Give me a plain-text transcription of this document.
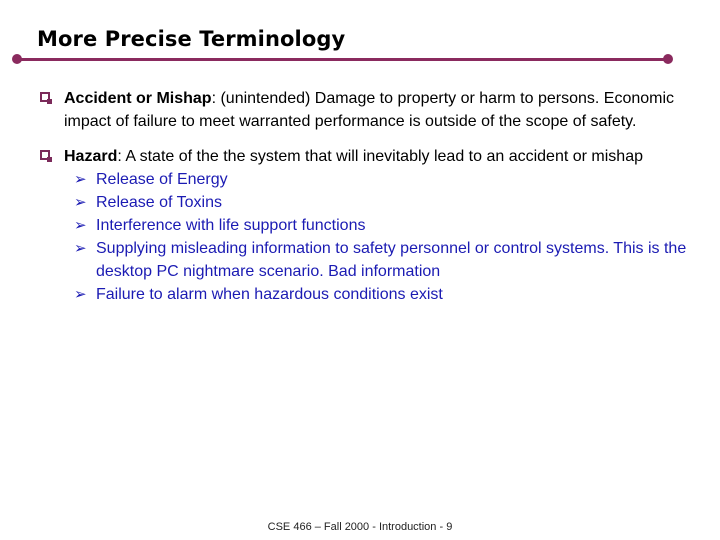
More Precise Terminology
Accident or Mishap: (unintended) Damage to property or harm to persons. Economic impact of failure to meet warranted performance is outside of the scope of safety.
Hazard: A state of the the system that will inevitably lead to an accident or mishap
➢ Release of Energy
➢ Release of Toxins
➢ Interference with life support functions
➢ Supplying misleading information to safety personnel or control systems. This is the desktop PC nightmare scenario. Bad information
➢ Failure to alarm when hazardous conditions exist
CSE 466 – Fall 2000 - Introduction - 9
